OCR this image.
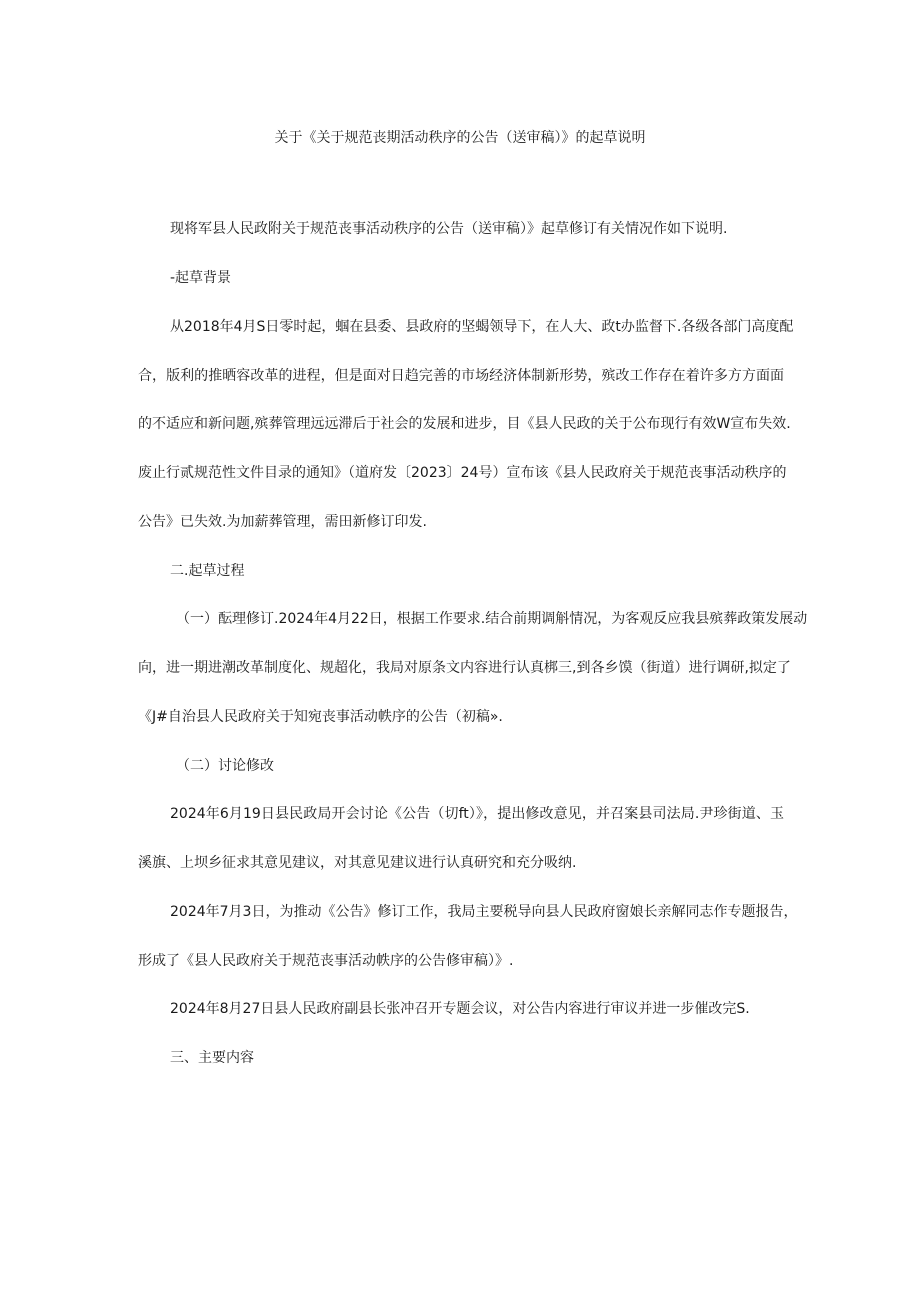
关于《关于规范丧期活动秩序的公告（送审稿）》的起草说明
现将军县人民政附关于规范丧事活动秩序的公告（送审稿）》起草修订有关情况作如下说明.
-起草背景
从2018年4月S日零时起，蝈在县委、县政府的坚蝎领导下，在人大、政t办监督下.各级各部门高度配
合，版利的推晒容改革的进程，但是面对日趋完善的市场经济体制新形势，殡改工作存在着许多方方面面
的不适应和新问题,殡葬管理远远滞后于社会的发展和进步，目《县人民政的关于公布现行有效W宣布失效.
废止行贰规范性文件目录的通知》（道府发〔2023〕24号）宣布该《县人民政府关于规范丧事活动秩序的
公告》已失效.为加薪葬管理，需田新修订印发.
二.起草过程
（一）酝理修订.2024年4月22日，根据工作要求.结合前期调斛情况，为客观反应我县殡葬政策发展动
向，进一期进潮改革制度化、规超化，我局对原条文内容进行认真梆三,到各乡馍（街道）进行调研,拟定了
《J#自治县人民政府关于知宛丧事活动帙序的公告（初稿».
（二）讨论修改
2024年6月19日县民政局开会讨论《公告（切ft）》，提出修改意见，并召案县司法局.尹珍街道、玉
溪旗、上坝乡征求其意见建议，对其意见建议进行认真研究和充分吸纳.
2024年7月3日，为推动《公告》修订工作，我局主要税导向县人民政府窗娘长亲解同志作专题报告，
形成了《县人民政府关于规范丧事活动帙序的公告修审稿）》.
2024年8月27日县人民政府副县长张冲召开专题会议，对公告内容进行审议并进一步催改完S.
三、主要内容
